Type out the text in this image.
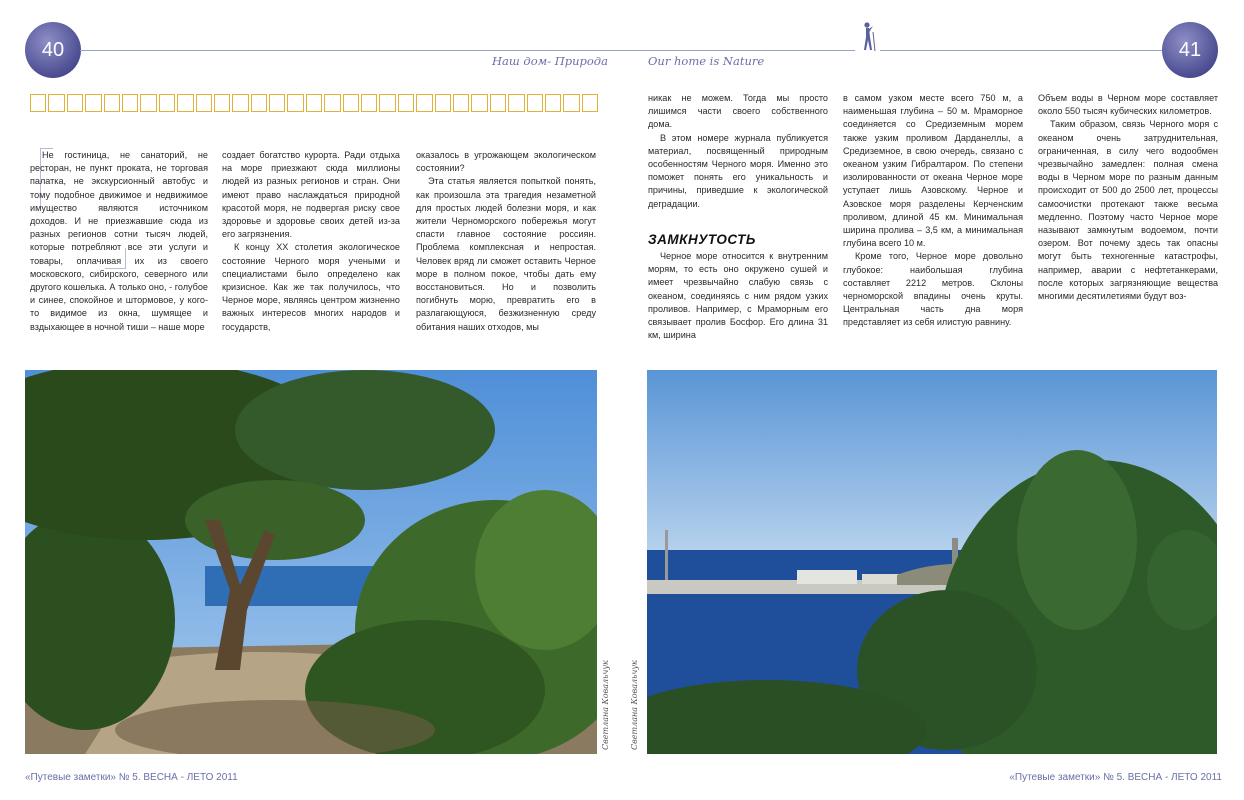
40	41
Наш дом- Природа	Our home is Nature

Не гостиница, не санаторий, не ресторан, не пункт проката, не торговая палатка, не экскурсионный автобус и тому подобное движимое и недвижимое имущество являются источником доходов. И не приезжавшие сюда из разных регионов сотни тысяч людей, которые потребляют все эти услуги и товары, оплачивая их из своего московского, сибирского, северного или другого кошелька. А только оно, - голубое и синее, спокойное и штормовое, у кого-то видимое из окна, шумящее и вздыхающее в ночной тиши – наше море

создает богатство курорта. Ради отдыха на море приезжают сюда миллионы людей из разных регионов и стран. Они имеют право наслаждаться природной красотой моря, не подвергая риску свое здоровье и здоровье своих детей из-за его загрязнения.

К концу XX столетия экологическое состояние Черного моря учеными и специалистами было определено как кризисное. Как же так получилось, что Черное море, являясь центром жизненно важных интересов многих народов и государств,

оказалось в угрожающем экологическом состоянии?

Эта статья является попыткой понять, как произошла эта трагедия незаметной для простых людей болезни моря, и как жители Черноморского побережья могут спасти главное состояние россиян. Проблема комплексная и непростая. Человек вряд ли сможет оставить Черное море в полном покое, чтобы дать ему восстановиться. Но и позволить погибнуть морю, превратить его в разлагающуюся, безжизненную среду обитания наших отходов, мы

никак не можем. Тогда мы просто лишимся части своего собственного дома.

В этом номере журнала публикуется материал, посвященный природным особенностям Черного моря. Именно это поможет понять его уникальность и причины, приведшие к экологической деградации.

ЗАМКНУТОСТЬ

Черное море относится к внутренним морям, то есть оно окружено сушей и имеет чрезвычайно слабую связь с океаном, соединяясь с ним рядом узких проливов. Например, с Мраморным его связывает пролив Босфор. Его длина 31 км, ширина

в самом узком месте всего 750 м, а наименьшая глубина – 50 м. Мраморное соединяется со Средиземным морем также узким проливом Дарданеллы, а Средиземное, в свою очередь, связано с океаном узким Гибралтаром. По степени изолированности от океана Черное море уступает лишь Азовскому. Черное и Азовское моря разделены Керченским проливом, длиной 45 км. Минимальная ширина пролива – 3,5 км, а минимальная глубина всего 10 м.

Кроме того, Черное море довольно глубокое: наибольшая глубина составляет 2212 метров. Склоны черноморской впадины очень круты. Центральная часть дна моря представляет из себя илистую равнину.

Объем воды в Черном море составляет около 550 тысяч кубических километров.

Таким образом, связь Черного моря с океаном очень затруднительная, ограниченная, в силу чего водообмен чрезвычайно замедлен: полная смена воды в Черном море по разным данным происходит от 500 до 2500 лет, процессы самоочистки протекают также весьма медленно. Поэтому часто Черное море называют замкнутым водоемом, почти озером. Вот почему здесь так опасны могут быть техногенные катастрофы, например, аварии с нефтетанкерами, после которых загрязняющие вещества многими десятилетиями будут воз-

Светлана Ковальчук	Светлана Ковальчук
«Путевые заметки» № 5. ВЕСНА - ЛЕТО 2011	«Путевые заметки» № 5. ВЕСНА - ЛЕТО 2011
